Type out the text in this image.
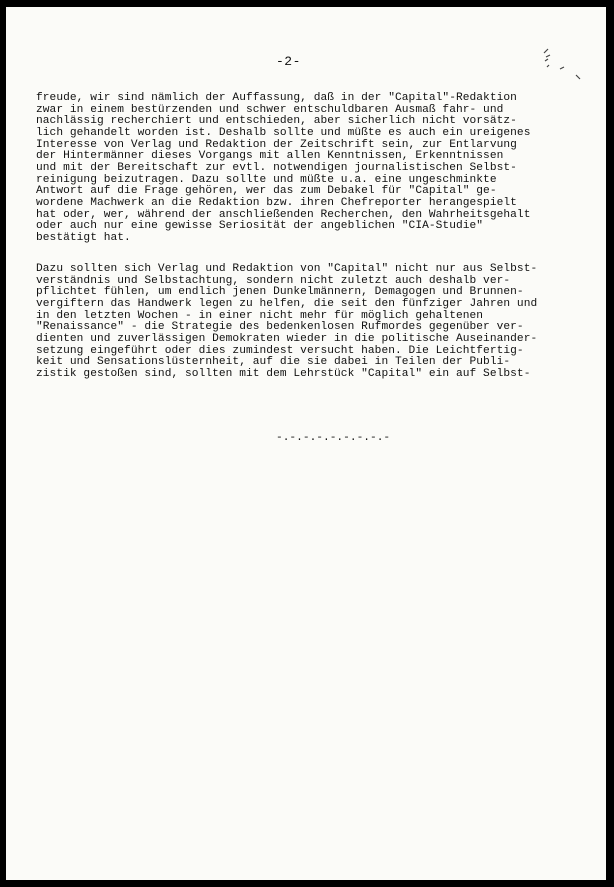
-2-
freude, wir sind nämlich der Auffassung, daß in der "Capital"-Redaktion
zwar in einem bestürzenden und schwer entschuldbaren Ausmaß fahr- und
nachlässig recherchiert und entschieden, aber sicherlich nicht vorsätz-
lich gehandelt worden ist. Deshalb sollte und müßte es auch ein ureigenes
Interesse von Verlag und Redaktion der Zeitschrift sein, zur Entlarvung
der Hintermänner dieses Vorgangs mit allen Kenntnissen, Erkenntnissen
und mit der Bereitschaft zur evtl. notwendigen journalistischen Selbst-
reinigung beizutragen. Dazu sollte und müßte u.a. eine ungeschminkte
Antwort auf die Frage gehören, wer das zum Debakel für "Capital" ge-
wordene Machwerk an die Redaktion bzw. ihren Chefreporter herangespielt
hat oder, wer, während der anschließenden Recherchen, den Wahrheitsgehalt
oder auch nur eine gewisse Seriosität der angeblichen "CIA-Studie"
bestätigt hat.
Dazu sollten sich Verlag und Redaktion von "Capital" nicht nur aus Selbst-
verständnis und Selbstachtung, sondern nicht zuletzt auch deshalb ver-
pflichtet fühlen, um endlich jenen Dunkelmännern, Demagogen und Brunnen-
vergiftern das Handwerk legen zu helfen, die seit den fünfziger Jahren und
in den letzten Wochen - in einer nicht mehr für möglich gehaltenen
"Renaissance" - die Strategie des bedenkenlosen Rufmordes gegenüber ver-
dienten und zuverlässigen Demokraten wieder in die politische Auseinander-
setzung eingeführt oder dies zumindest versucht haben. Die Leichtfertig-
keit und Sensationslüsternheit, auf die sie dabei in Teilen der Publi-
zistik gestoßen sind, sollten mit dem Lehrstück "Capital" ein auf Selbst-
-.-.-.-.-.-.-.-.-
